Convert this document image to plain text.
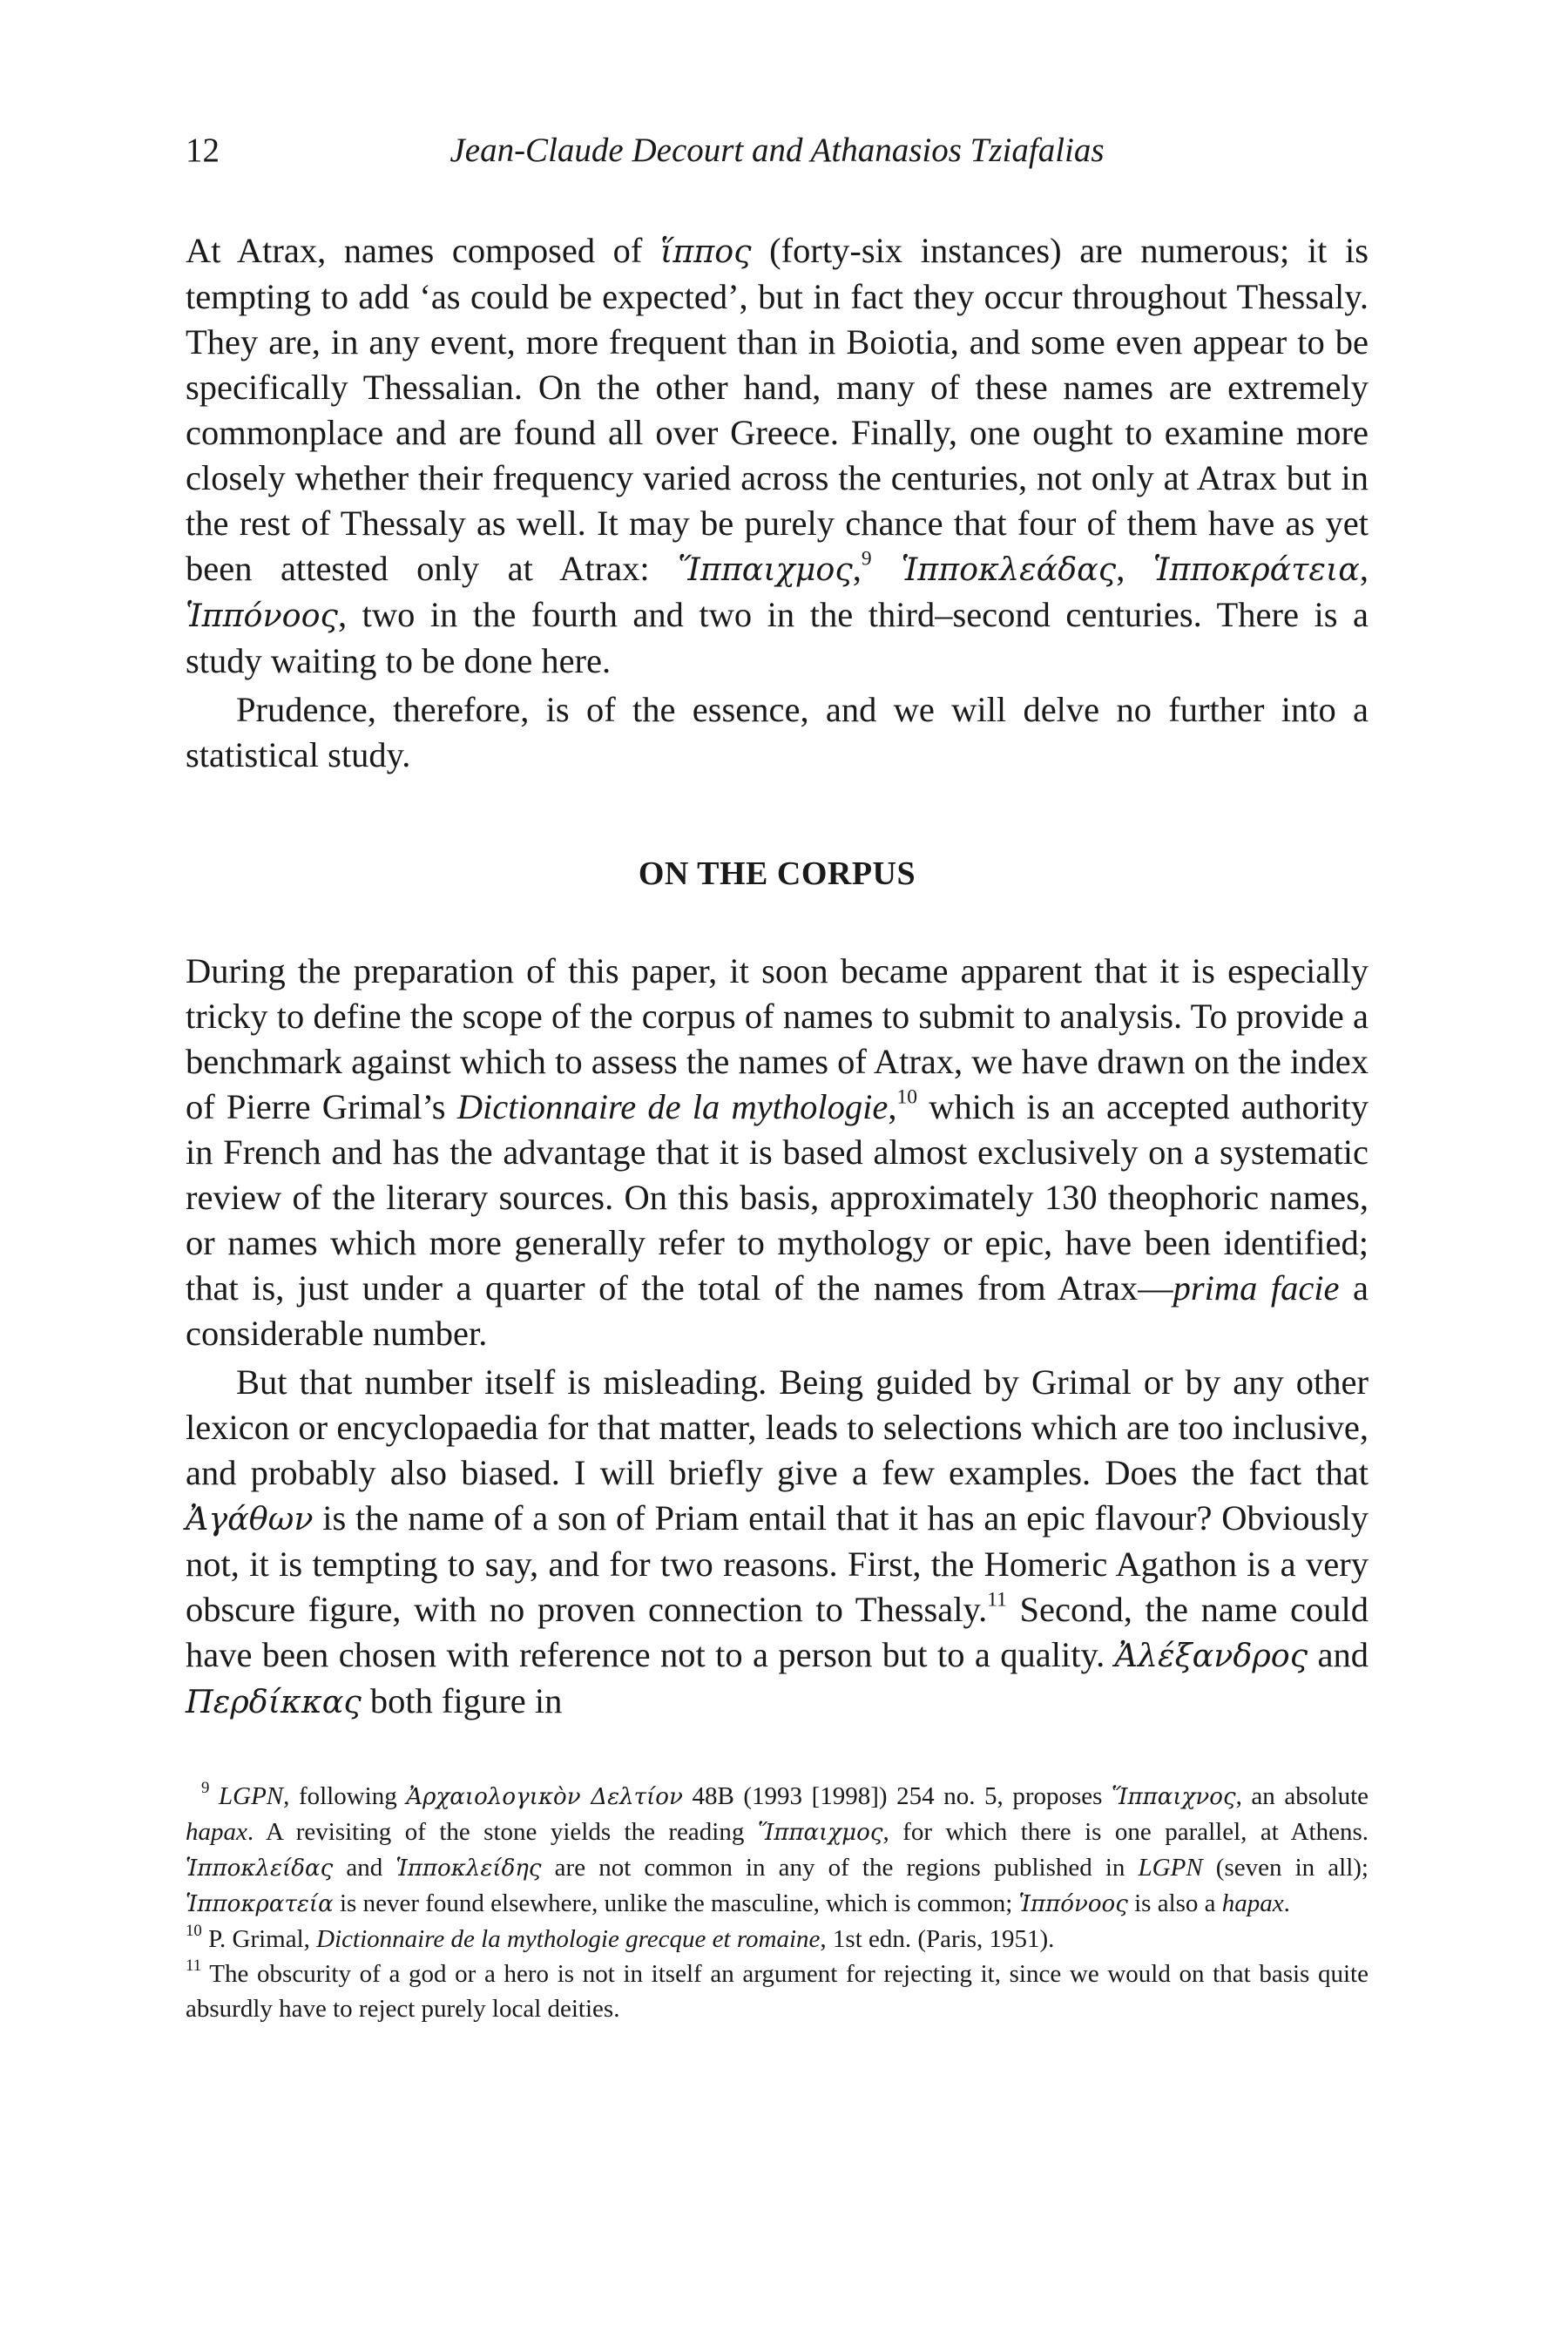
12	Jean-Claude Decourt and Athanasios Tziafalias

At Atrax, names composed of ἵππος (forty-six instances) are numerous; it is tempting to add ‘as could be expected’, but in fact they occur throughout Thessaly. They are, in any event, more frequent than in Boiotia, and some even appear to be specifically Thessalian. On the other hand, many of these names are extremely commonplace and are found all over Greece. Finally, one ought to examine more closely whether their frequency varied across the centuries, not only at Atrax but in the rest of Thessaly as well. It may be purely chance that four of them have as yet been attested only at Atrax: Ἵππαιχμος,$^9$ Ἱπποκλεάδας, Ἱπποκράτεια, Ἱππόνοος, two in the fourth and two in the third–second centuries. There is a study waiting to be done here.

Prudence, therefore, is of the essence, and we will delve no further into a statistical study.

ON THE CORPUS

During the preparation of this paper, it soon became apparent that it is especially tricky to define the scope of the corpus of names to submit to analysis. To provide a benchmark against which to assess the names of Atrax, we have drawn on the index of Pierre Grimal’s Dictionnaire de la mythologie,$^{10}$ which is an accepted authority in French and has the advantage that it is based almost exclusively on a systematic review of the literary sources. On this basis, approximately 130 theophoric names, or names which more generally refer to mythology or epic, have been identified; that is, just under a quarter of the total of the names from Atrax—prima facie a considerable number.

But that number itself is misleading. Being guided by Grimal or by any other lexicon or encyclopaedia for that matter, leads to selections which are too inclusive, and probably also biased. I will briefly give a few examples. Does the fact that Ἀγάθων is the name of a son of Priam entail that it has an epic flavour? Obviously not, it is tempting to say, and for two reasons. First, the Homeric Agathon is a very obscure figure, with no proven connection to Thessaly.$^{11}$ Second, the name could have been chosen with reference not to a person but to a quality. Ἀλέξανδρος and Περδίκκας both figure in

$^9$ LGPN, following Ἀρχαιολογικὸν Δελτίον 48B (1993 [1998]) 254 no. 5, proposes Ἵππαιχνος, an absolute hapax. A revisiting of the stone yields the reading Ἵππαιχμος, for which there is one parallel, at Athens. Ἱπποκλείδας and Ἱπποκλείδης are not common in any of the regions published in LGPN (seven in all); Ἱπποκρατεία is never found elsewhere, unlike the masculine, which is common; Ἱππόνοος is also a hapax.

$^{10}$ P. Grimal, Dictionnaire de la mythologie grecque et romaine, 1st edn. (Paris, 1951).

$^{11}$ The obscurity of a god or a hero is not in itself an argument for rejecting it, since we would on that basis quite absurdly have to reject purely local deities.
